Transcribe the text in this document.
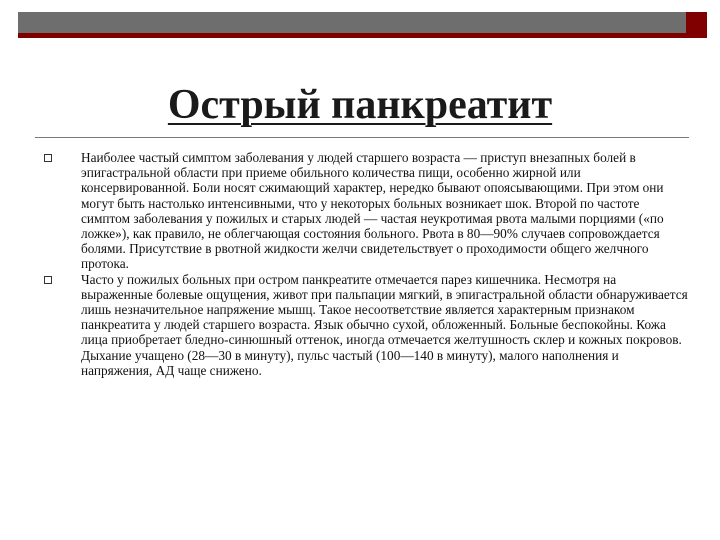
Острый панкреатит
Наиболее частый симптом заболевания у людей старшего возраста — приступ внезапных болей в эпигастральной области при приеме обильного количества пищи, особенно жирной или консервированной. Боли носят сжимающий характер, нередко бывают опоясывающими. При этом они могут быть настолько интенсивными, что у некоторых больных возникает шок. Второй по частоте симптом заболевания у пожилых и старых людей — частая неукротимая рвота малыми порциями («по ложке»), как правило, не облегчающая состояния больного. Рвота в 80—90% случаев сопровождается болями. Присутствие в рвотной жидкости желчи свидетельствует о проходимости общего желчного протока.
Часто у пожилых больных при остром панкреатите отмечается парез кишечника. Несмотря на выраженные болевые ощущения, живот при пальпации мягкий, в эпигастральной области обнаруживается лишь незначительное напряжение мышц. Такое несоответствие является характерным признаком панкреатита у людей старшего возраста. Язык обычно сухой, обложенный. Больные беспокойны. Кожа лица приобретает бледно-синюшный оттенок, иногда отмечается желтушность склер и кожных покровов. Дыхание учащено (28—30 в минуту), пульс частый (100—140 в минуту), малого наполнения и напряжения, АД чаще снижено.
